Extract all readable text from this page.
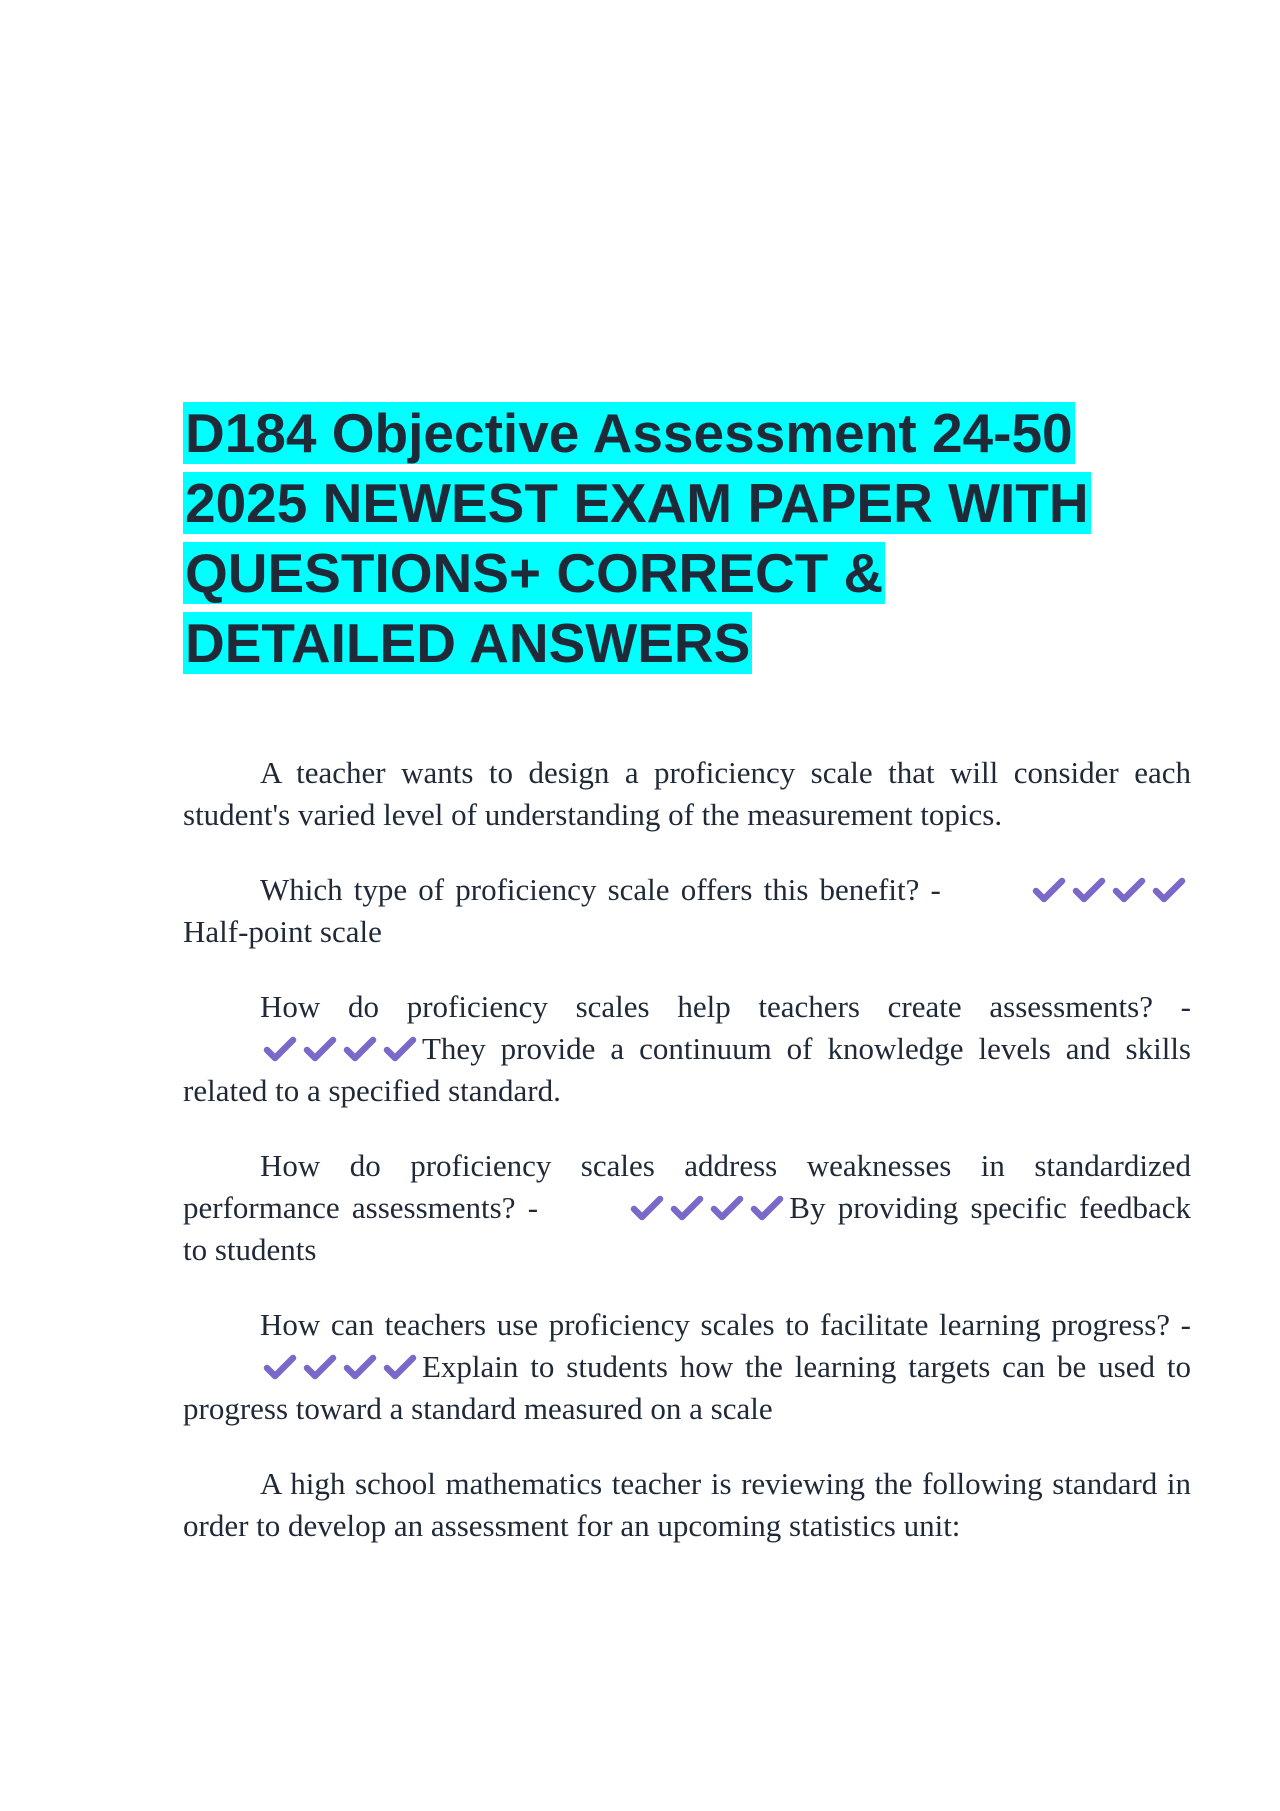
D184 Objective Assessment 24-50
2025 NEWEST EXAM PAPER WITH
QUESTIONS+ CORRECT &
DETAILED ANSWERS

A teacher wants to design a proficiency scale that will consider each student's varied level of understanding of the measurement topics.

Which type of proficiency scale offers this benefit? -
Half-point scale

How do proficiency scales help teachers create assessments? -
They provide a continuum of knowledge levels and skills related to a specified standard.

How do proficiency scales address weaknesses in standardized performance assessments? -	By providing specific feedback to students

How can teachers use proficiency scales to facilitate learning progress? -
Explain to students how the learning targets can be used to progress toward a standard measured on a scale

A high school mathematics teacher is reviewing the following standard in order to develop an assessment for an upcoming statistics unit:
